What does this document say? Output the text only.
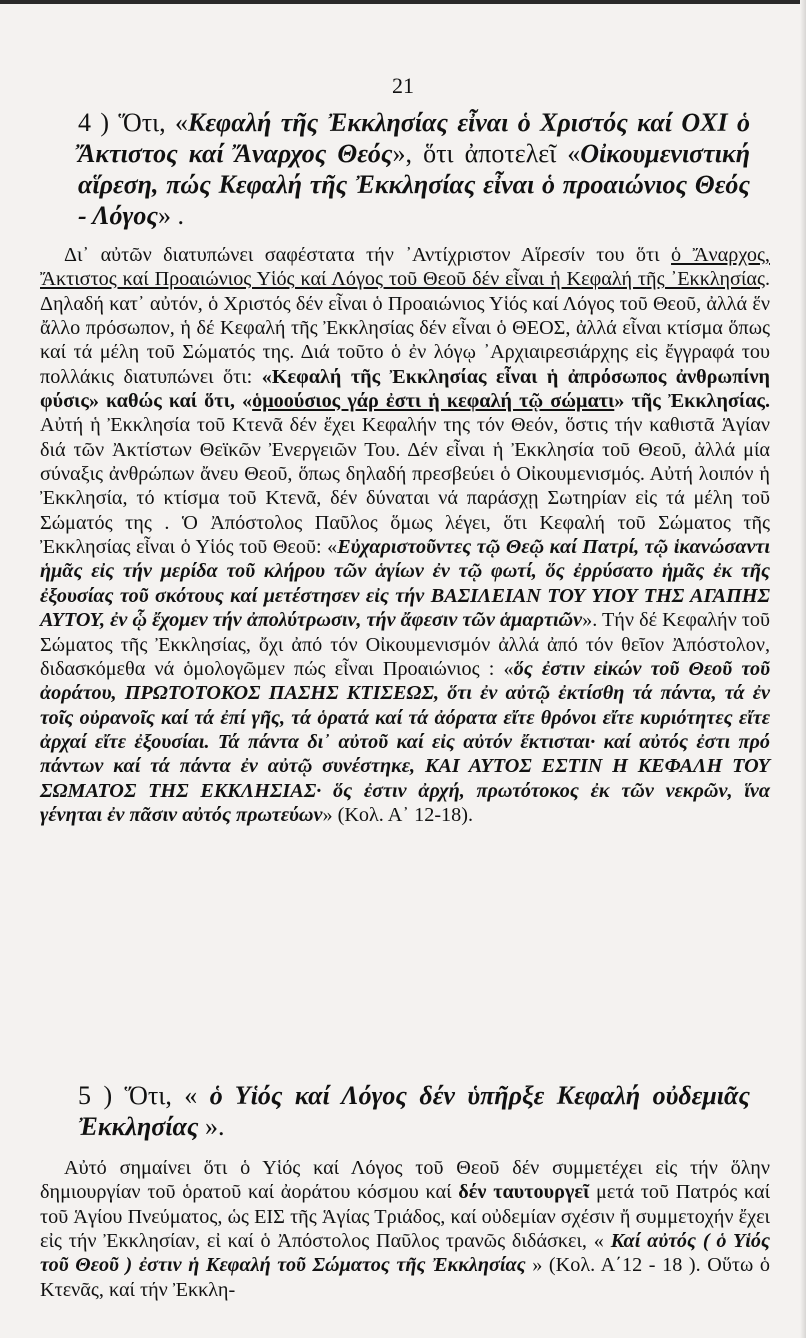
21
4 ) Ὅτι, «Κεφαλή τῆς Ἐκκλησίας εἶναι ὁ Χριστός καί ΟΧΙ ὁ Ἄκτιστος καί Ἄναρχος Θεός», ὅτι ἀποτελεῖ «Οἰκουμενιστική αἵρεση, πώς Κεφαλή τῆς Ἐκκλησίας εἶναι ὁ προαιώνιος Θεός - Λόγος» .

Δι᾽ αὐτῶν διατυπώνει σαφέστατα τήν ᾽Αντίχριστον Αἵρεσίν του ὅτι ὁ Ἄναρχος, Ἄκτιστος καί Προαιώνιος Υἱός καί Λόγος τοῦ Θεοῦ δέν εἶναι ἡ Κεφαλή τῆς ᾽Εκκλησίας. Δηλαδή κατ᾽ αὐτόν, ὁ Χριστός δέν εἶναι ὁ Προαιώνιος Υἱός καί Λόγος τοῦ Θεοῦ, ἀλλά ἕν ἄλλο πρόσωπον, ἡ δέ Κεφαλή τῆς Ἐκκλησίας δέν εἶναι ὁ ΘΕΟΣ, ἀλλά εἶναι κτίσμα ὅπως καί τά μέλη τοῦ Σώματός της. Διά τοῦτο ὁ ἐν λόγῳ ᾽Αρχιαιρεσιάρχης εἰς ἔγγραφά του πολλάκις διατυπώνει ὅτι: «Κεφαλή τῆς Ἐκκλησίας εἶναι ἡ ἀπρόσωπος ἀνθρωπίνη φύσις» καθώς καί ὅτι, «ὁμοούσιος γάρ ἐστι ἡ κεφαλή τῷ σώματι» τῆς Ἐκκλησίας. Αὐτή ἡ Ἐκκλησία τοῦ Κτενᾶ δέν ἔχει Κεφαλήν της τόν Θεόν, ὅστις τήν καθιστᾶ Ἁγίαν διά τῶν Ἀκτίστων Θεϊκῶν Ἐνεργειῶν Του. Δέν εἶναι ἡ Ἐκκλησία τοῦ Θεοῦ, ἀλλά μία σύναξις ἀνθρώπων ἄνευ Θεοῦ, ὅπως δηλαδή πρεσβεύει ὁ Οἰκουμενισμός. Αὐτή λοιπόν ἡ Ἐκκλησία, τό κτίσμα τοῦ Κτενᾶ, δέν δύναται νά παράσχῃ Σωτηρίαν εἰς τά μέλη τοῦ Σώματός της . Ὁ Ἀπόστολος Παῦλος ὅμως λέγει, ὅτι Κεφαλή τοῦ Σώματος τῆς Ἐκκλησίας εἶναι ὁ Υἱός τοῦ Θεοῦ: «Εὐχαριστοῦντες τῷ Θεῷ καί Πατρί, τῷ ἱκανώσαντι ἡμᾶς εἰς τήν μερίδα τοῦ κλήρου τῶν ἁγίων ἐν τῷ φωτί, ὅς ἐρρύσατο ἡμᾶς ἐκ τῆς ἐξουσίας τοῦ σκότους καί μετέστησεν εἰς τήν ΒΑΣΙΛΕΙΑΝ ΤΟΥ ΥΙΟΥ ΤΗΣ ΑΓΑΠΗΣ ΑΥΤΟΥ, ἐν ᾧ ἔχομεν τήν ἀπολύτρωσιν, τήν ἄφεσιν τῶν ἁμαρτιῶν». Τήν δέ Κεφαλήν τοῦ Σώματος τῆς Ἐκκλησίας, ὄχι ἀπό τόν Οἰκουμενισμόν ἀλλά ἀπό τόν θεῖον Ἀπόστολον, διδασκόμεθα νά ὁμολογῶμεν πώς εἶναι Προαιώνιος : «ὅς ἐστιν εἰκών τοῦ Θεοῦ τοῦ ἀοράτου, ΠΡΩΤΟΤΟΚΟΣ ΠΑΣΗΣ ΚΤΙΣΕΩΣ, ὅτι ἐν αὐτῷ ἐκτίσθη τά πάντα, τά ἐν τοῖς οὐρανοῖς καί τά ἐπί γῆς, τά ὁρατά καί τά ἀόρατα εἴτε θρόνοι εἴτε κυριότητες εἴτε ἀρχαί εἴτε ἐξουσίαι. Τά πάντα δι᾽ αὐτοῦ καί εἰς αὐτόν ἔκτισται· καί αὐτός ἐστι πρό πάντων καί τά πάντα ἐν αὐτῷ συνέστηκε, ΚΑΙ ΑΥΤΟΣ ΕΣΤΙΝ Η ΚΕΦΑΛΗ ΤΟΥ ΣΩΜΑΤΟΣ ΤΗΣ ΕΚΚΛΗΣΙΑΣ· ὅς ἐστιν ἀρχή, πρωτότοκος ἐκ τῶν νεκρῶν, ἵνα γένηται ἐν πᾶσιν αὐτός πρωτεύων» (Κολ. Α᾽ 12-18).

5 ) Ὅτι, « ὁ Υἱός καί Λόγος δέν ὑπῆρξε Κεφαλή οὐδεμιᾶς Ἐκκλησίας ».

Αὐτό σημαίνει ὅτι ὁ Υἱός καί Λόγος τοῦ Θεοῦ δέν συμμετέχει εἰς τήν ὅλην δημιουργίαν τοῦ ὁρατοῦ καί ἀοράτου κόσμου καί δέν ταυτουργεῖ μετά τοῦ Πατρός καί τοῦ Ἁγίου Πνεύματος, ὡς ΕΙΣ τῆς Ἁγίας Τριάδος, καί οὐδεμίαν σχέσιν ἤ συμμετοχήν ἔχει εἰς τήν Ἐκκλησίαν, εἰ καί ὁ Ἀπόστολος Παῦλος τρανῶς διδάσκει, « Καί αὐτός ( ὁ Υἱός τοῦ Θεοῦ ) ἐστιν ἡ Κεφαλή τοῦ Σώματος τῆς Ἐκκλησίας » (Κολ. Α΄12 - 18 ). Οὕτω ὁ Κτενᾶς, καί τήν Ἐκκλη-
